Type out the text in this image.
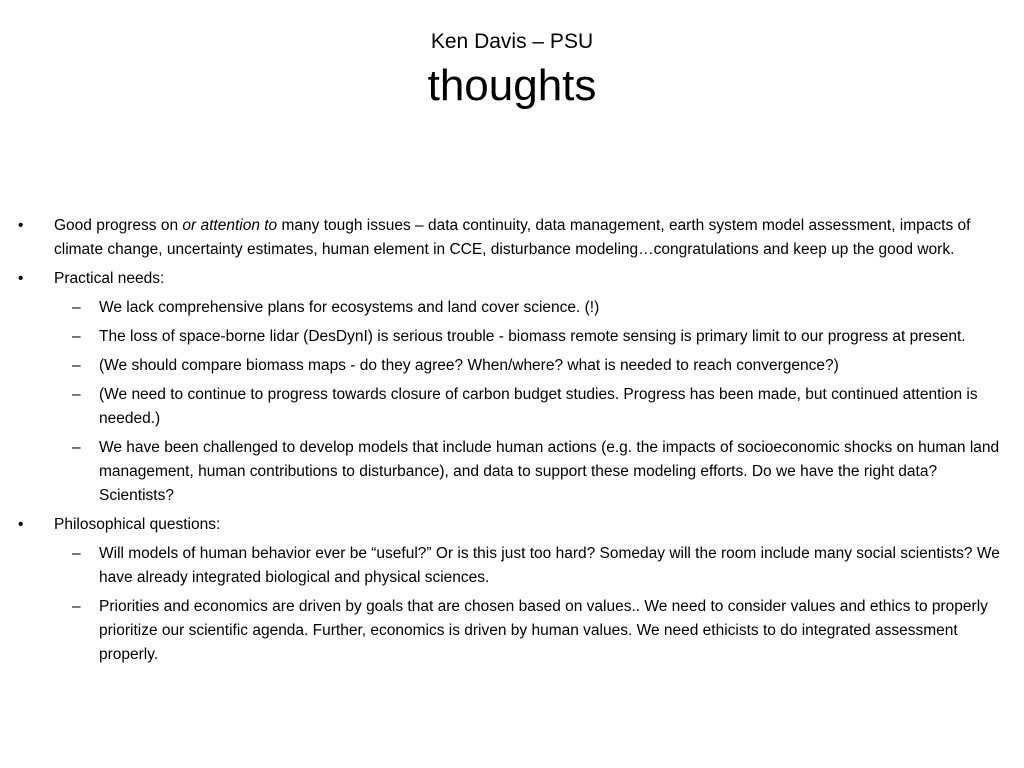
Ken Davis – PSU
thoughts
• Good progress on or attention to many tough issues – data continuity, data management, earth system model assessment, impacts of climate change, uncertainty estimates, human element in CCE, disturbance modeling…congratulations and keep up the good work.
• Practical needs:
– We lack comprehensive plans for ecosystems and land cover science. (!)
– The loss of space-borne lidar (DesDynI) is serious trouble - biomass remote sensing is primary limit to our progress at present.
– (We should compare biomass maps - do they agree? When/where? what is needed to reach convergence?)
– (We need to continue to progress towards closure of carbon budget studies. Progress has been made, but continued attention is needed.)
– We have been challenged to develop models that include human actions (e.g. the impacts of socioeconomic shocks on human land management, human contributions to disturbance), and data to support these modeling efforts. Do we have the right data? Scientists?
• Philosophical questions:
– Will models of human behavior ever be “useful?” Or is this just too hard? Someday will the room include many social scientists? We have already integrated biological and physical sciences.
– Priorities and economics are driven by goals that are chosen based on values.. We need to consider values and ethics to properly prioritize our scientific agenda. Further, economics is driven by human values. We need ethicists to do integrated assessment properly.
